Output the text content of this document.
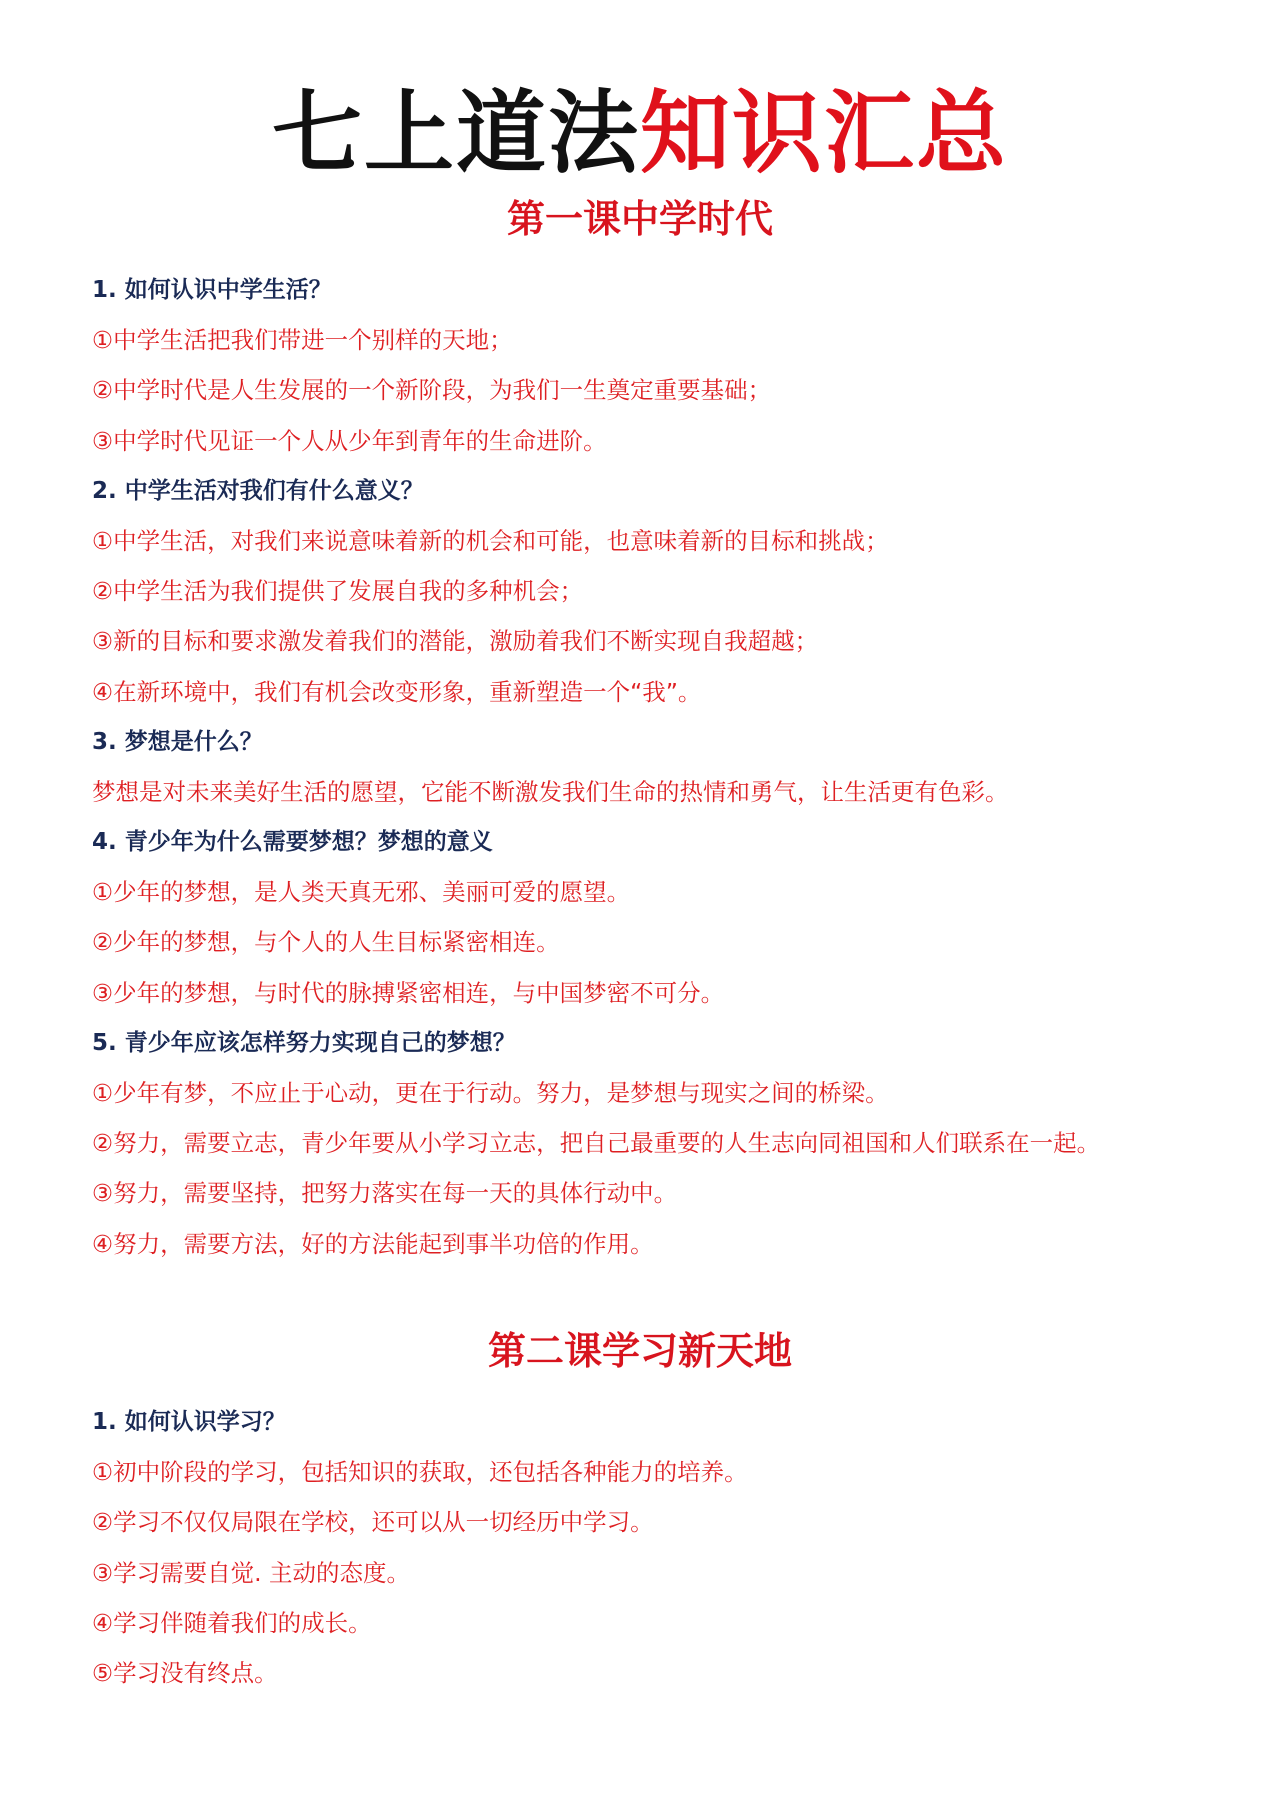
七上道法知识汇总
第一课中学时代
1. 如何认识中学生活？
①中学生活把我们带进一个别样的天地；
②中学时代是人生发展的一个新阶段，为我们一生奠定重要基础；
③中学时代见证一个人从少年到青年的生命进阶。
2. 中学生活对我们有什么意义？
①中学生活，对我们来说意味着新的机会和可能，也意味着新的目标和挑战；
②中学生活为我们提供了发展自我的多种机会；
③新的目标和要求激发着我们的潜能，激励着我们不断实现自我超越；
④在新环境中，我们有机会改变形象，重新塑造一个“我”。
3. 梦想是什么？
梦想是对未来美好生活的愿望，它能不断激发我们生命的热情和勇气，让生活更有色彩。
4. 青少年为什么需要梦想？梦想的意义
①少年的梦想，是人类天真无邪、美丽可爱的愿望。
②少年的梦想，与个人的人生目标紧密相连。
③少年的梦想，与时代的脉搏紧密相连，与中国梦密不可分。
5. 青少年应该怎样努力实现自己的梦想？
①少年有梦，不应止于心动，更在于行动。努力，是梦想与现实之间的桥梁。
②努力，需要立志，青少年要从小学习立志，把自己最重要的人生志向同祖国和人们联系在一起。
③努力，需要坚持，把努力落实在每一天的具体行动中。
④努力，需要方法，好的方法能起到事半功倍的作用。
第二课学习新天地
1. 如何认识学习？
①初中阶段的学习，包括知识的获取，还包括各种能力的培养。
②学习不仅仅局限在学校，还可以从一切经历中学习。
③学习需要自觉. 主动的态度。
④学习伴随着我们的成长。
⑤学习没有终点。
